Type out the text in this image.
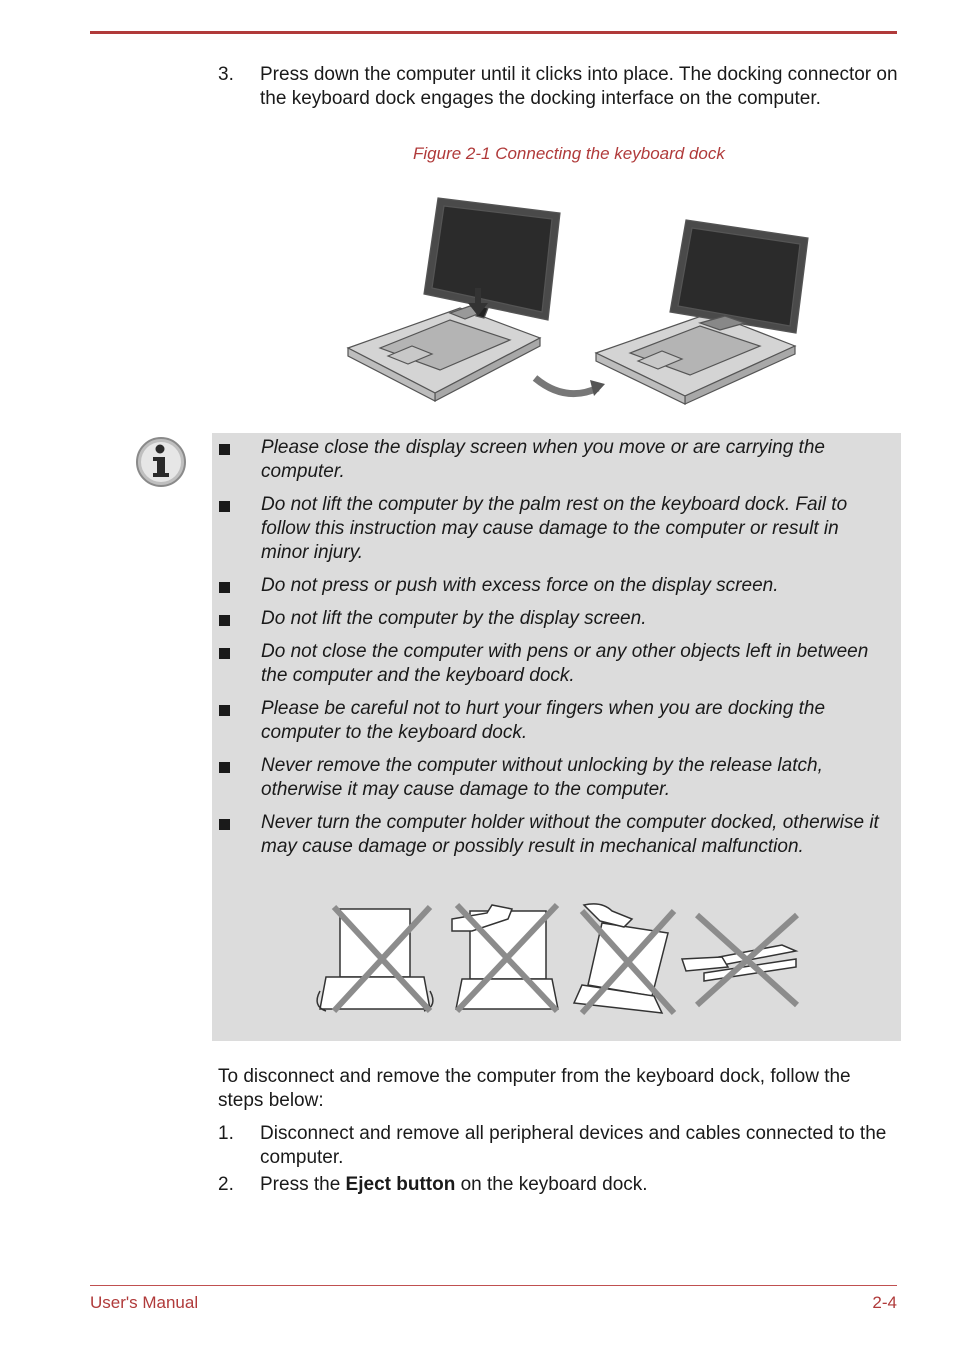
3. Press down the computer until it clicks into place. The docking connector on the keyboard dock engages the docking interface on the computer.
Figure 2-1 Connecting the keyboard dock
Please close the display screen when you move or are carrying the computer.
Do not lift the computer by the palm rest on the keyboard dock. Fail to follow this instruction may cause damage to the computer or result in minor injury.
Do not press or push with excess force on the display screen.
Do not lift the computer by the display screen.
Do not close the computer with pens or any other objects left in between the computer and the keyboard dock.
Please be careful not to hurt your fingers when you are docking the computer to the keyboard dock.
Never remove the computer without unlocking by the release latch, otherwise it may cause damage to the computer.
Never turn the computer holder without the computer docked, otherwise it may cause damage or possibly result in mechanical malfunction.
To disconnect and remove the computer from the keyboard dock, follow the steps below:
1. Disconnect and remove all peripheral devices and cables connected to the computer.
2. Press the Eject button on the keyboard dock.
User's Manual	2-4
